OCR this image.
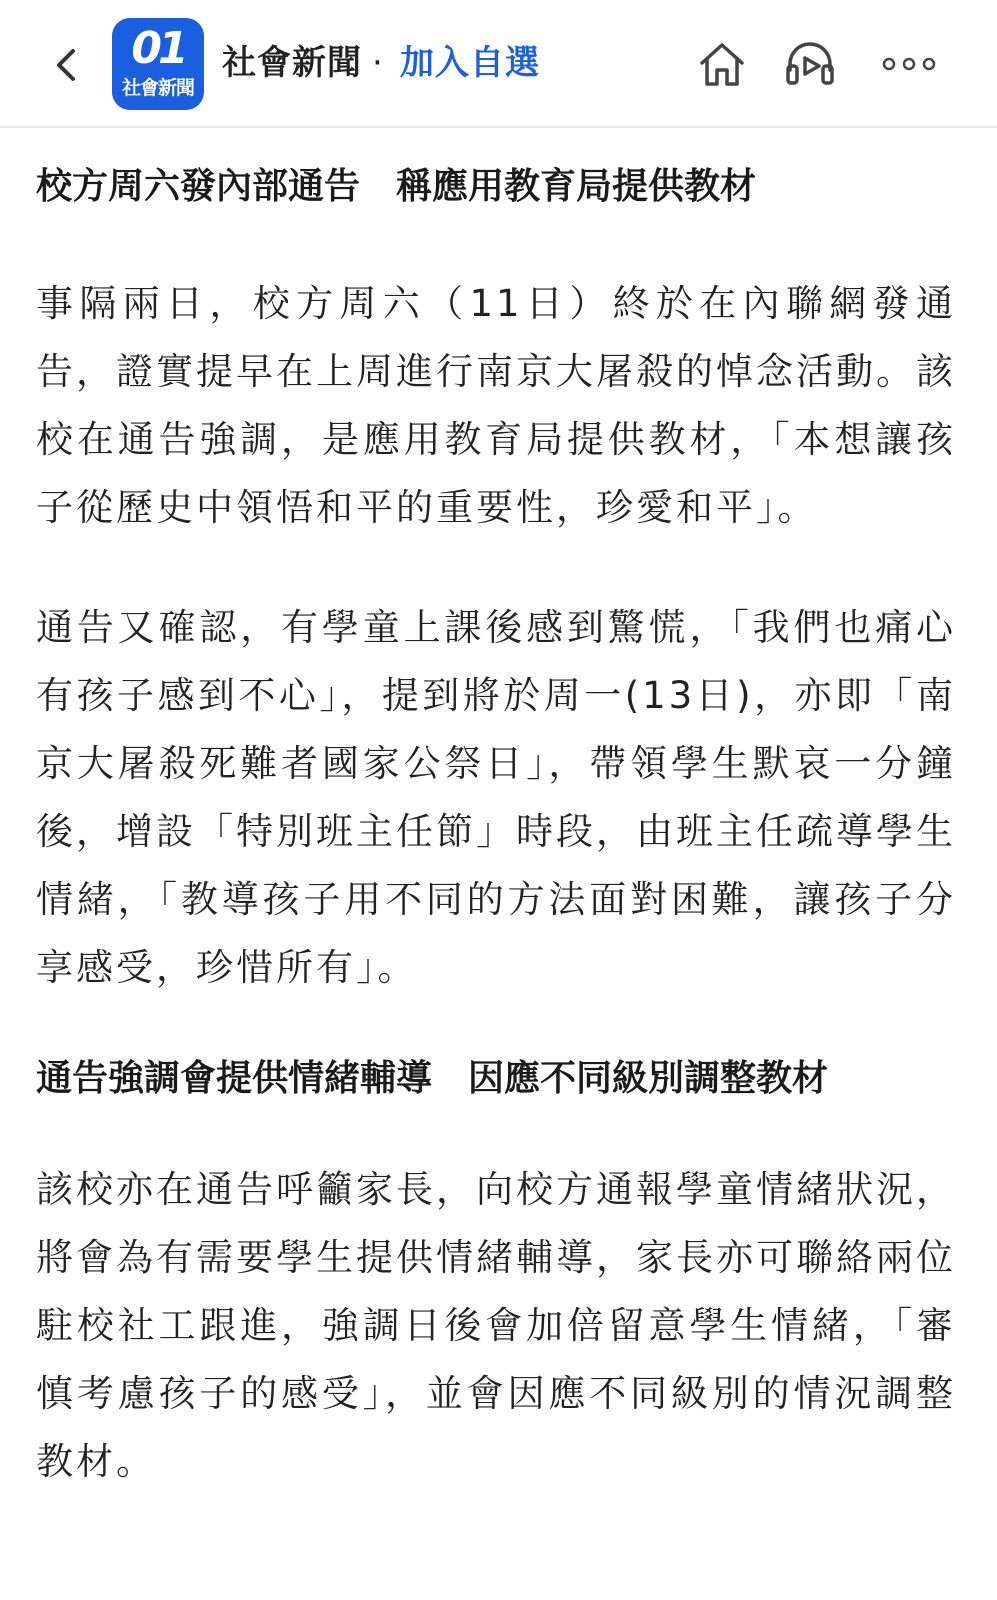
01
社會新聞
社會新聞 · 加入自選
校方周六發內部通告　稱應用教育局提供教材

事隔兩日，校方周六（11日）終於在內聯網發通告，證實提早在上周進行南京大屠殺的悼念活動。該校在通告強調，是應用教育局提供教材，「本想讓孩子從歷史中領悟和平的重要性，珍愛和平」。

通告又確認，有學童上課後感到驚慌，「我們也痛心有孩子感到不心」，提到將於周一(13日)，亦即「南京大屠殺死難者國家公祭日」，帶領學生默哀一分鐘後，增設「特別班主任節」時段，由班主任疏導學生情緒，「教導孩子用不同的方法面對困難，讓孩子分享感受，珍惜所有」。

通告強調會提供情緒輔導　因應不同級別調整教材

該校亦在通告呼籲家長，向校方通報學童情緒狀況，將會為有需要學生提供情緒輔導，家長亦可聯絡兩位駐校社工跟進，強調日後會加倍留意學生情緒，「審慎考慮孩子的感受」，並會因應不同級別的情況調整教材。
